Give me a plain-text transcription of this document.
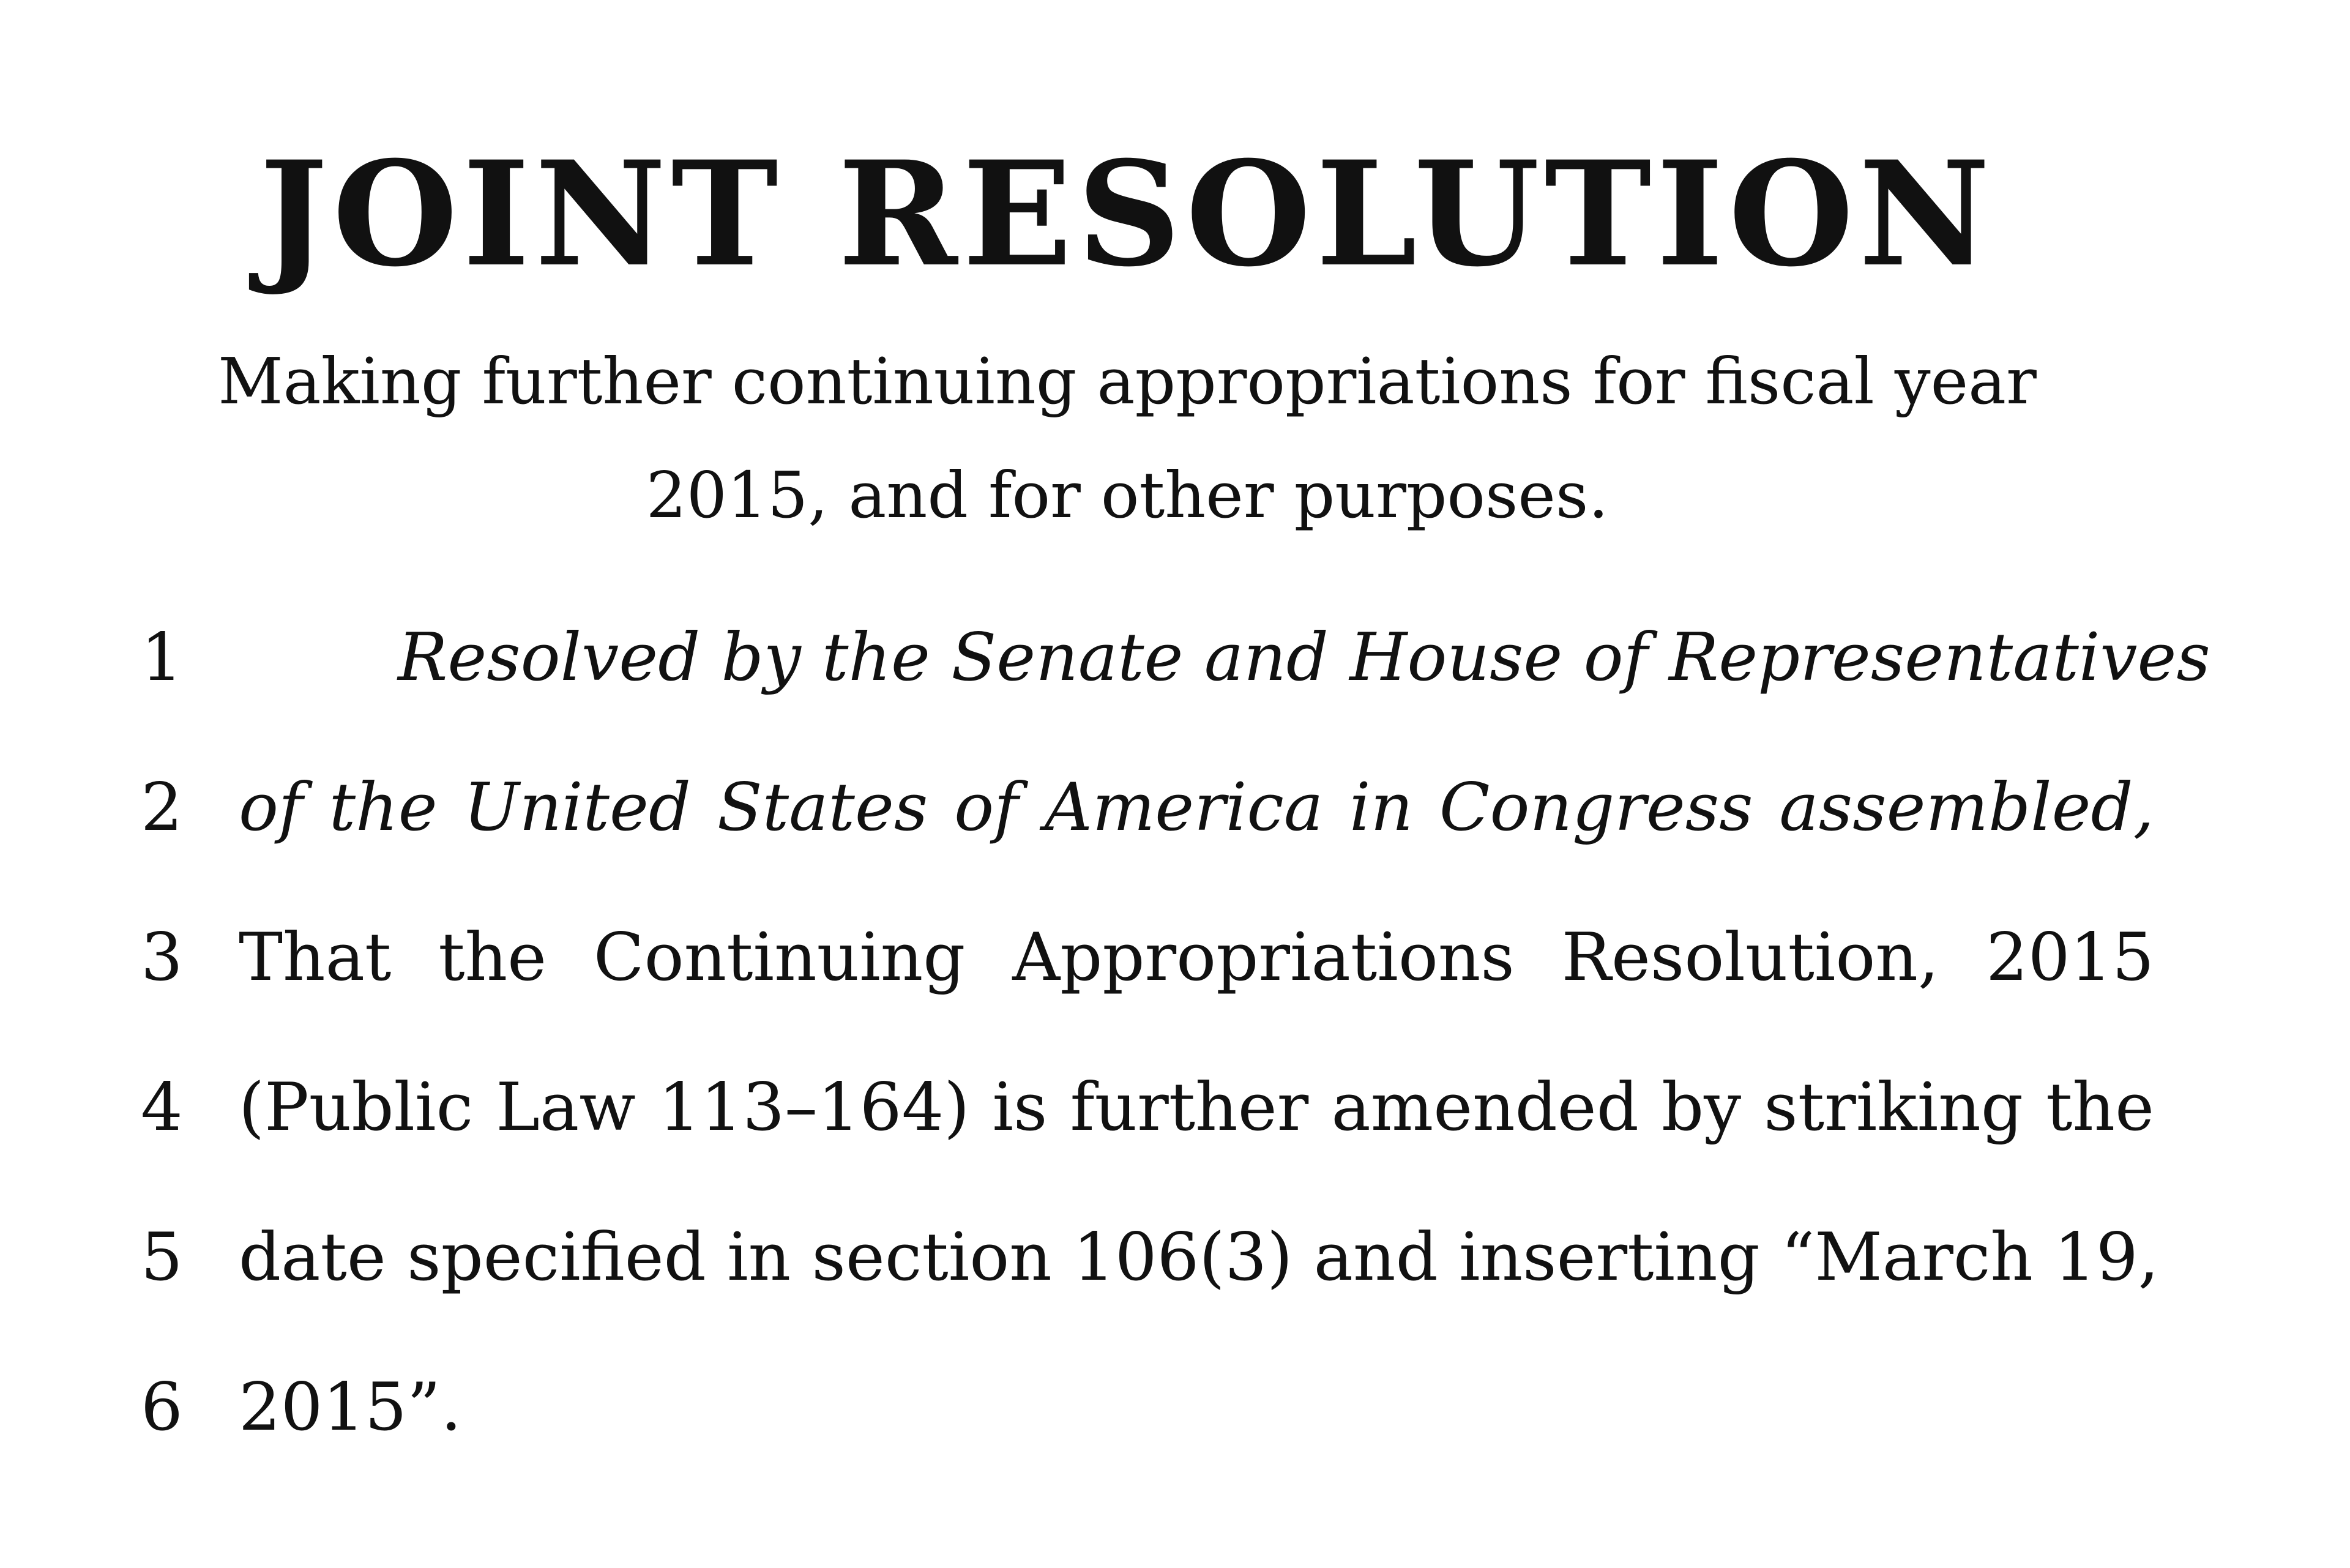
JOINT RESOLUTION
Making further continuing appropriations for fiscal year
2015, and for other purposes.
1	Resolved by the Senate and House of Representatives
2 of the United States of America in Congress assembled,
3 That the Continuing Appropriations Resolution, 2015
4 (Public Law 113–164) is further amended by striking the
5 date specified in section 106(3) and inserting “March 19,
6 2015”.
